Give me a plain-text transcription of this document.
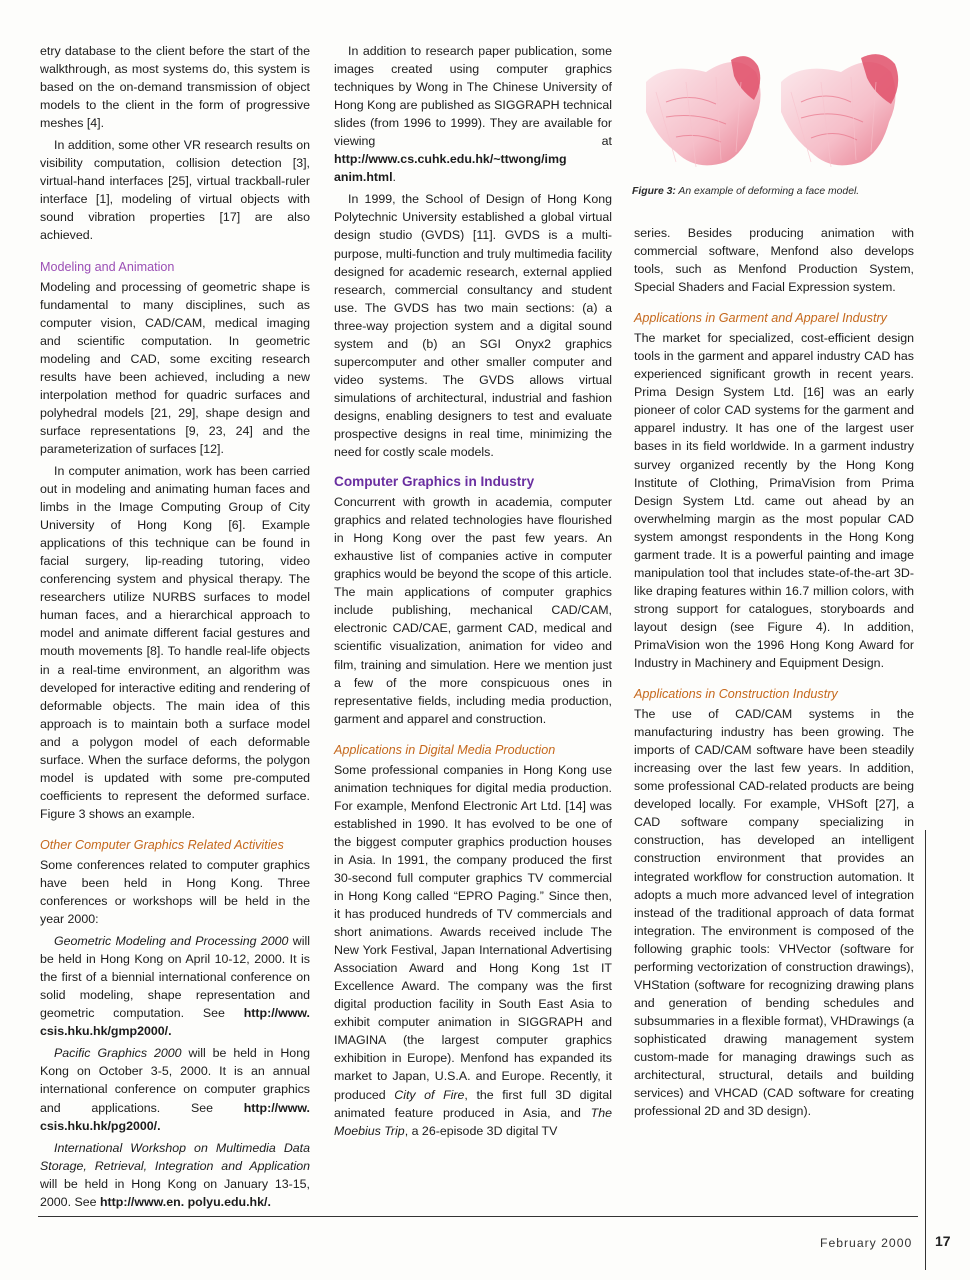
etry database to the client before the start of the walkthrough, as most systems do, this system is based on the on-demand transmission of object models to the client in the form of progressive meshes [4].

In addition, some other VR research results on visibility computation, collision detection [3], virtual-hand interfaces [25], virtual trackball-ruler interface [1], modeling of virtual objects with sound vibration properties [17] are also achieved.

Modeling and Animation

Modeling and processing of geometric shape is fundamental to many disciplines, such as computer vision, CAD/CAM, medical imaging and scientific computation. In geometric modeling and CAD, some exciting research results have been achieved, including a new interpolation method for quadric surfaces and polyhedral models [21, 29], shape design and surface representations [9, 23, 24] and the parameterization of surfaces [12].

In computer animation, work has been carried out in modeling and animating human faces and limbs in the Image Computing Group of City University of Hong Kong [6]. Example applications of this technique can be found in facial surgery, lip-reading tutoring, video conferencing system and physical therapy. The researchers utilize NURBS surfaces to model human faces, and a hierarchical approach to model and animate different facial gestures and mouth movements [8]. To handle real-life objects in a real-time environment, an algorithm was developed for interactive editing and rendering of deformable objects. The main idea of this approach is to maintain both a surface model and a polygon model of each deformable surface. When the surface deforms, the polygon model is updated with some pre-computed coefficients to represent the deformed surface. Figure 3 shows an example.

Other Computer Graphics Related Activities

Some conferences related to computer graphics have been held in Hong Kong. Three conferences or workshops will be held in the year 2000:

Geometric Modeling and Processing 2000 will be held in Hong Kong on April 10-12, 2000. It is the first of a biennial international conference on solid modeling, shape representation and geometric computation. See http://www. csis.hku.hk/gmp2000/.

Pacific Graphics 2000 will be held in Hong Kong on October 3-5, 2000. It is an annual international conference on computer graphics and applications. See http://www. csis.hku.hk/pg2000/.

International Workshop on Multimedia Data Storage, Retrieval, Integration and Application will be held in Hong Kong on January 13-15, 2000. See http://www.en. polyu.edu.hk/.

In addition to research paper publication, some images created using computer graphics techniques by Wong in The Chinese University of Hong Kong are published as SIGGRAPH technical slides (from 1996 to 1999). They are available for viewing at http://www.cs.cuhk.edu.hk/~ttwong/img anim.html.

In 1999, the School of Design of Hong Kong Polytechnic University established a global virtual design studio (GVDS) [11]. GVDS is a multi-purpose, multi-function and truly multimedia facility designed for academic research, external applied research, commercial consultancy and student use. The GVDS has two main sections: (a) a three-way projection system and a digital sound system and (b) an SGI Onyx2 graphics supercomputer and other smaller computer and video systems. The GVDS allows virtual simulations of architectural, industrial and fashion designs, enabling designers to test and evaluate prospective designs in real time, minimizing the need for costly scale models.

Computer Graphics in Industry

Concurrent with growth in academia, computer graphics and related technologies have flourished in Hong Kong over the past few years. An exhaustive list of companies active in computer graphics would be beyond the scope of this article. The main applications of computer graphics include publishing, mechanical CAD/CAM, electronic CAD/CAE, garment CAD, medical and scientific visualization, animation for video and film, training and simulation. Here we mention just a few of the more conspicuous ones in representative fields, including media production, garment and apparel and construction.

Applications in Digital Media Production

Some professional companies in Hong Kong use animation techniques for digital media production. For example, Menfond Electronic Art Ltd. [14] was established in 1990. It has evolved to be one of the biggest computer graphics production houses in Asia. In 1991, the company produced the first 30-second full computer graphics TV commercial in Hong Kong called “EPRO Paging.” Since then, it has produced hundreds of TV commercials and short animations. Awards received include The New York Festival, Japan International Advertising Association Award and Hong Kong 1st IT Excellence Award. The company was the first digital production facility in South East Asia to exhibit computer animation in SIGGRAPH and IMAGINA (the largest computer graphics exhibition in Europe). Menfond has expanded its market to Japan, U.S.A. and Europe. Recently, it produced City of Fire, the first full 3D digital animated feature produced in Asia, and The Moebius Trip, a 26-episode 3D digital TV

Figure 3: An example of deforming a face model.

series. Besides producing animation with commercial software, Menfond also develops tools, such as Menfond Production System, Special Shaders and Facial Expression system.

Applications in Garment and Apparel Industry

The market for specialized, cost-efficient design tools in the garment and apparel industry CAD has experienced significant growth in recent years. Prima Design System Ltd. [16] was an early pioneer of color CAD systems for the garment and apparel industry. It has one of the largest user bases in its field worldwide. In a garment industry survey organized recently by the Hong Kong Institute of Clothing, PrimaVision from Prima Design System Ltd. came out ahead by an overwhelming margin as the most popular CAD system amongst respondents in the Hong Kong garment trade. It is a powerful painting and image manipulation tool that includes state-of-the-art 3D-like draping features within 16.7 million colors, with strong support for catalogues, storyboards and layout design (see Figure 4). In addition, PrimaVision won the 1996 Hong Kong Award for Industry in Machinery and Equipment Design.

Applications in Construction Industry

The use of CAD/CAM systems in the manufacturing industry has been growing. The imports of CAD/CAM software have been steadily increasing over the last few years. In addition, some professional CAD-related products are being developed locally. For example, VHSoft [27], a CAD software company specializing in construction, has developed an intelligent construction environment that provides an integrated workflow for construction automation. It adopts a much more advanced level of integration instead of the traditional approach of data format integration. The environment is composed of the following graphic tools: VHVector (software for performing vectorization of construction drawings), VHStation (software for recognizing drawing plans and generation of bending schedules and subsummaries in a flexible format), VHDrawings (a sophisticated drawing management system custom-made for managing drawings such as architectural, structural, details and building services) and VHCAD (CAD software for creating professional 2D and 3D design).

February 2000 17
